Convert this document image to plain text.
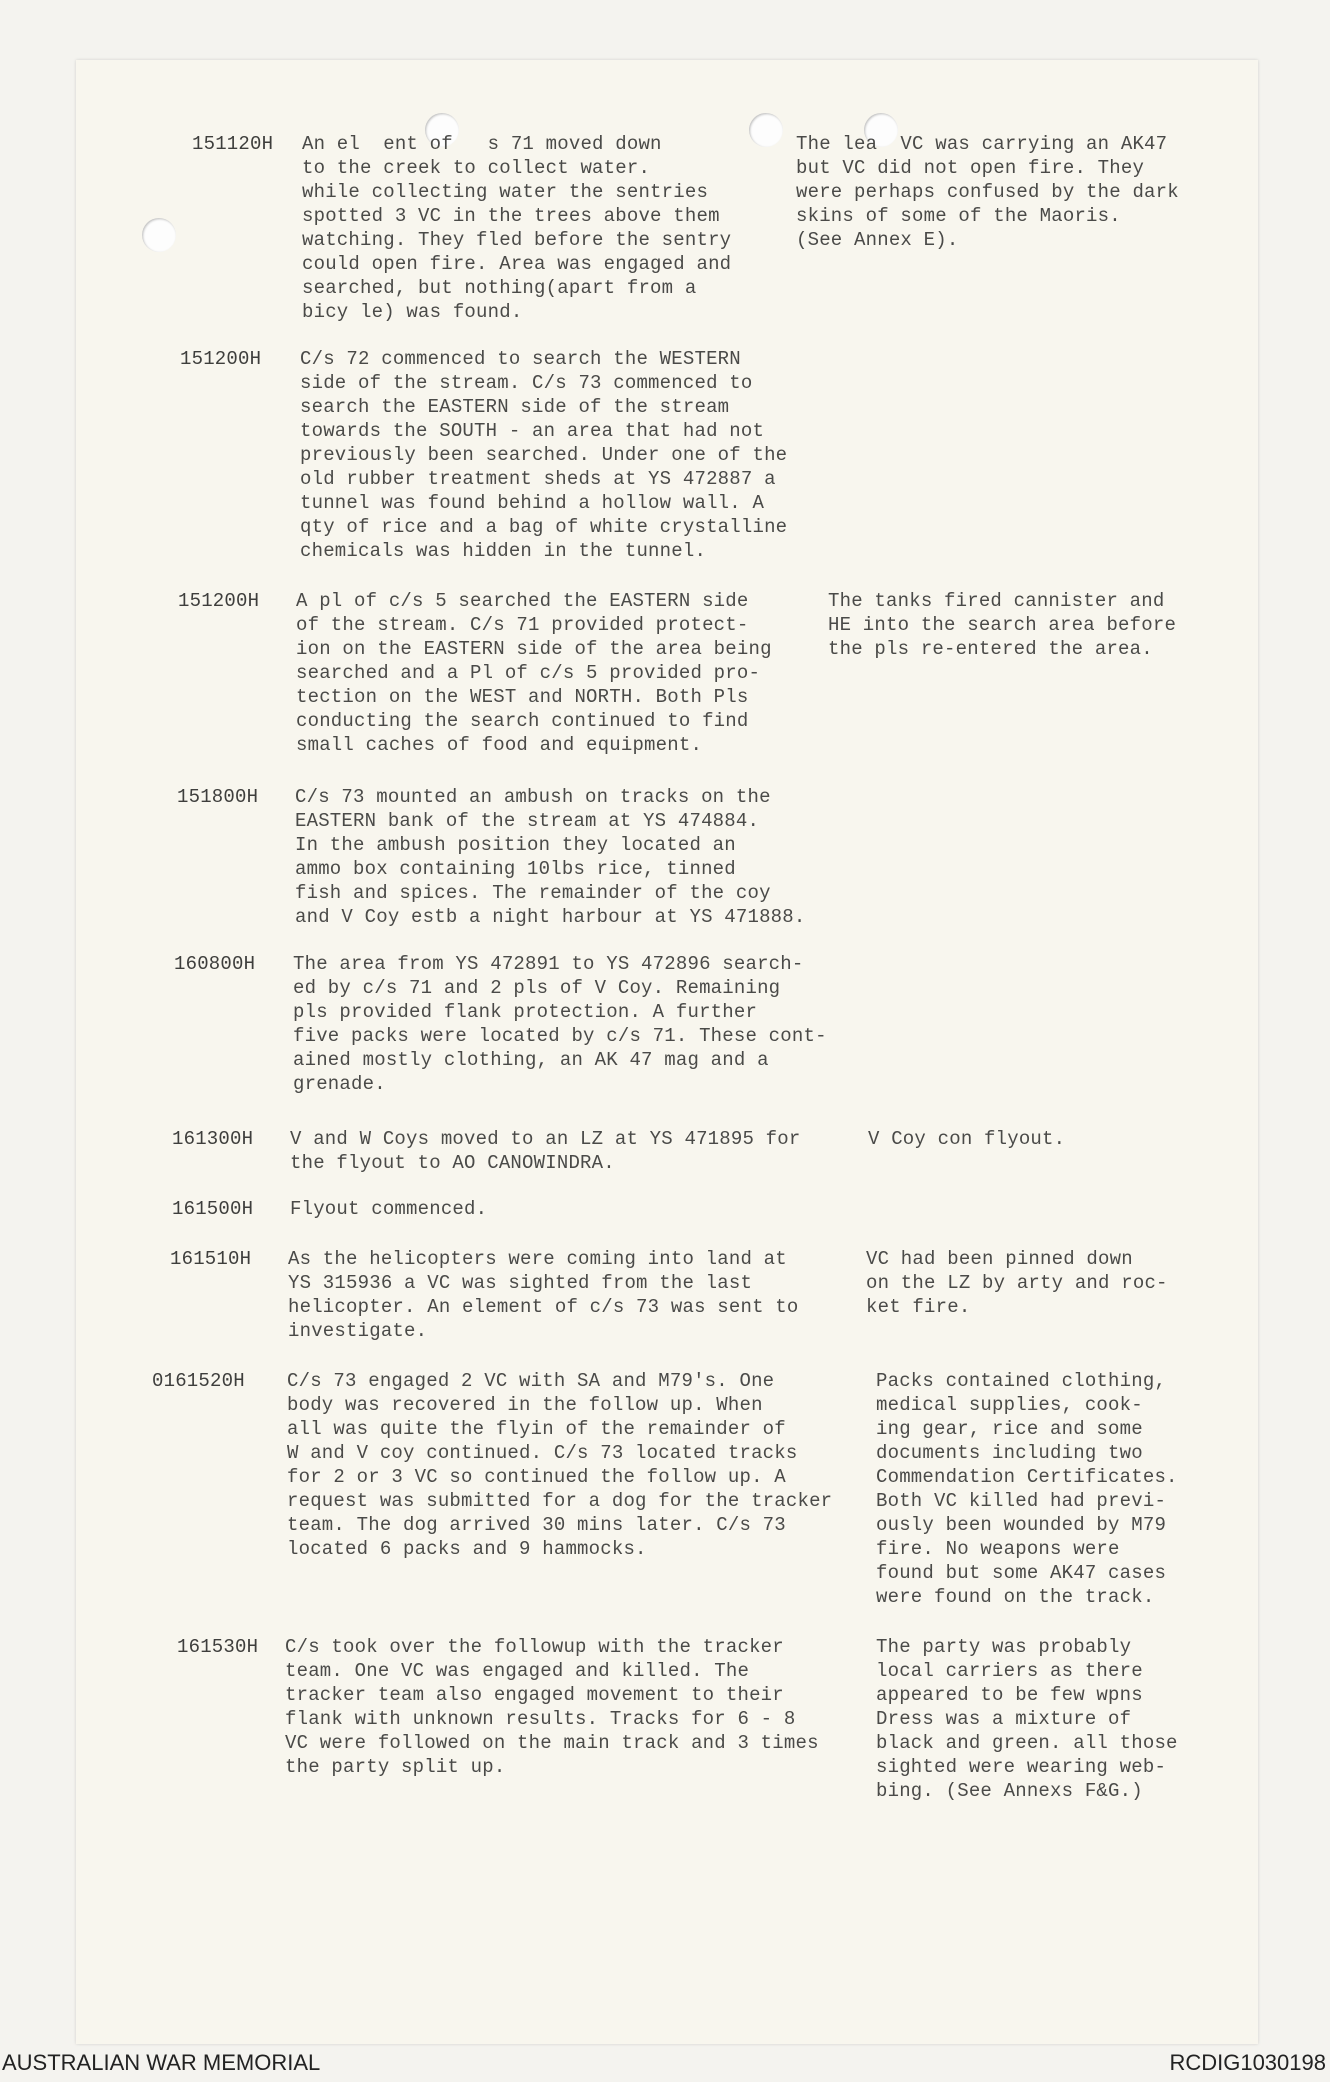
151120H An el  ent of   s 71 moved down
to the creek to collect water.
while collecting water the sentries
spotted 3 VC in the trees above them
watching. They fled before the sentry
could open fire. Area was engaged and
searched, but nothing(apart from a
bicy le) was found.
The lea  VC was carrying an AK47
but VC did not open fire. They
were perhaps confused by the dark
skins of some of the Maoris.
(See Annex E).
151200H C/s 72 commenced to search the WESTERN
side of the stream. C/s 73 commenced to
search the EASTERN side of the stream
towards the SOUTH - an area that had not
previously been searched. Under one of the
old rubber treatment sheds at YS 472887 a
tunnel was found behind a hollow wall. A
qty of rice and a bag of white crystalline
chemicals was hidden in the tunnel.
151200H A pl of c/s 5 searched the EASTERN side
of the stream. C/s 71 provided protect-
ion on the EASTERN side of the area being
searched and a Pl of c/s 5 provided pro-
tection on the WEST and NORTH. Both Pls
conducting the search continued to find
small caches of food and equipment.
The tanks fired cannister and
HE into the search area before
the pls re-entered the area.
151800H C/s 73 mounted an ambush on tracks on the
EASTERN bank of the stream at YS 474884.
In the ambush position they located an
ammo box containing 10lbs rice, tinned
fish and spices. The remainder of the coy
and V Coy estb a night harbour at YS 471888.
160800H The area from YS 472891 to YS 472896 search-
ed by c/s 71 and 2 pls of V Coy. Remaining
pls provided flank protection. A further
five packs were located by c/s 71. These cont-
ained mostly clothing, an AK 47 mag and a
grenade.
161300H V and W Coys moved to an LZ at YS 471895 for
the flyout to AO CANOWINDRA.
V Coy con flyout.
161500H Flyout commenced.
161510H As the helicopters were coming into land at
YS 315936 a VC was sighted from the last
helicopter. An element of c/s 73 was sent to
investigate.
VC had been pinned down
on the LZ by arty and roc-
ket fire.
0161520H C/s 73 engaged 2 VC with SA and M79's. One
body was recovered in the follow up. When
all was quite the flyin of the remainder of
W and V coy continued. C/s 73 located tracks
for 2 or 3 VC so continued the follow up. A
request was submitted for a dog for the tracker
team. The dog arrived 30 mins later. C/s 73
located 6 packs and 9 hammocks.
Packs contained clothing,
medical supplies, cook-
ing gear, rice and some
documents including two
Commendation Certificates.
Both VC killed had previ-
ously been wounded by M79
fire. No weapons were
found but some AK47 cases
were found on the track.
161530H C/s took over the followup with the tracker
team. One VC was engaged and killed. The
tracker team also engaged movement to their
flank with unknown results. Tracks for 6 - 8
VC were followed on the main track and 3 times
the party split up.
The party was probably
local carriers as there
appeared to be few wpns
Dress was a mixture of
black and green. all those
sighted were wearing web-
bing. (See Annexs F&G.)
AUSTRALIAN WAR MEMORIAL	RCDIG1030198
